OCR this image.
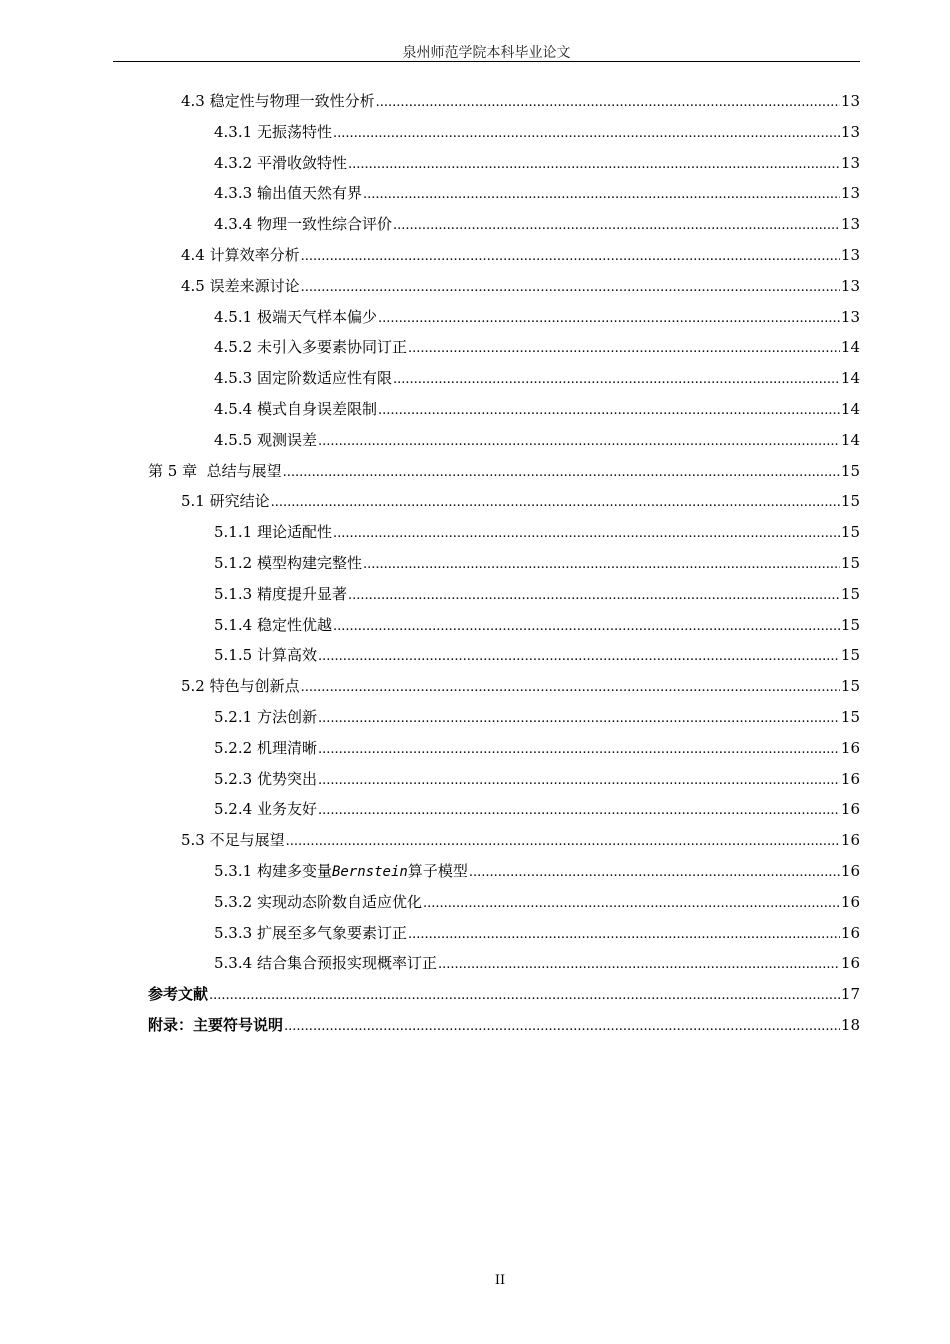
泉州师范学院本科毕业论文
4.3 稳定性与物理一致性分析 .....	13
4.3.1 无振荡特性 .....	13
4.3.2 平滑收敛特性 .....	13
4.3.3 输出值天然有界 .....	13
4.3.4 物理一致性综合评价 .....	13
4.4 计算效率分析 .....	13
4.5 误差来源讨论 .....	13
4.5.1 极端天气样本偏少 .....	13
4.5.2 未引入多要素协同订正 .....	14
4.5.3 固定阶数适应性有限 .....	14
4.5.4 模式自身误差限制 .....	14
4.5.5 观测误差 .....	14
第 5 章 总结与展望 .....	15
5.1 研究结论 .....	15
5.1.1 理论适配性 .....	15
5.1.2 模型构建完整性 .....	15
5.1.3 精度提升显著 .....	15
5.1.4 稳定性优越 .....	15
5.1.5 计算高效 .....	15
5.2 特色与创新点 .....	15
5.2.1 方法创新 .....	15
5.2.2 机理清晰 .....	16
5.2.3 优势突出 .....	16
5.2.4 业务友好 .....	16
5.3 不足与展望 .....	16
5.3.1 构建多变量 Bernstein 算子模型 .....	16
5.3.2 实现动态阶数自适应优化 .....	16
5.3.3 扩展至多气象要素订正 .....	16
5.3.4 结合集合预报实现概率订正 .....	16
参考文献 .....	17
附录：主要符号说明 .....	18
II
